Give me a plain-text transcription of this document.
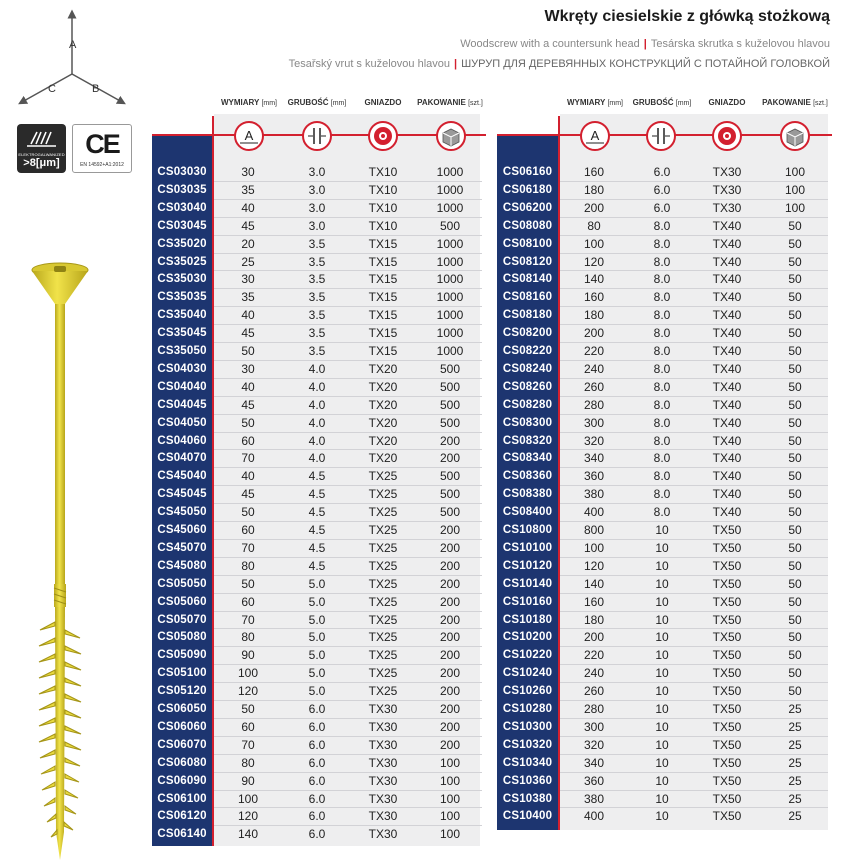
Wkręty ciesielskie z główką stożkową
Woodscrew with a countersunk head | Tesárska skrutka s kuželovou hlavou
Tesařský vrut s kuželovou hlavou | ШУРУП ДЛЯ ДЕРЕВЯННЫХ КОНСТРУКЦИЙ С ПОТАЙНОЙ ГОЛОВКОЙ
A
C	B
ELEKTROGALWANIZED
>8[μm]
CE
EN 14592+A1:2012
WYMIARY [mm]	GRUBOŚĆ [mm]	GNIAZDO	PAKOWANIE [szt.]	WYMIARY [mm]	GRUBOŚĆ [mm]	GNIAZDO	PAKOWANIE [szt.]
A	A
CS03030	30	3.0	TX10	1000
CS03035	35	3.0	TX10	1000
CS03040	40	3.0	TX10	1000
CS03045	45	3.0	TX10	500
CS35020	20	3.5	TX15	1000
CS35025	25	3.5	TX15	1000
CS35030	30	3.5	TX15	1000
CS35035	35	3.5	TX15	1000
CS35040	40	3.5	TX15	1000
CS35045	45	3.5	TX15	1000
CS35050	50	3.5	TX15	1000
CS04030	30	4.0	TX20	500
CS04040	40	4.0	TX20	500
CS04045	45	4.0	TX20	500
CS04050	50	4.0	TX20	500
CS04060	60	4.0	TX20	200
CS04070	70	4.0	TX20	200
CS45040	40	4.5	TX25	500
CS45045	45	4.5	TX25	500
CS45050	50	4.5	TX25	500
CS45060	60	4.5	TX25	200
CS45070	70	4.5	TX25	200
CS45080	80	4.5	TX25	200
CS05050	50	5.0	TX25	200
CS05060	60	5.0	TX25	200
CS05070	70	5.0	TX25	200
CS05080	80	5.0	TX25	200
CS05090	90	5.0	TX25	200
CS05100	100	5.0	TX25	200
CS05120	120	5.0	TX25	200
CS06050	50	6.0	TX30	200
CS06060	60	6.0	TX30	200
CS06070	70	6.0	TX30	200
CS06080	80	6.0	TX30	100
CS06090	90	6.0	TX30	100
CS06100	100	6.0	TX30	100
CS06120	120	6.0	TX30	100
CS06140	140	6.0	TX30	100
CS06160	160	6.0	TX30	100
CS06180	180	6.0	TX30	100
CS06200	200	6.0	TX30	100
CS08080	80	8.0	TX40	50
CS08100	100	8.0	TX40	50
CS08120	120	8.0	TX40	50
CS08140	140	8.0	TX40	50
CS08160	160	8.0	TX40	50
CS08180	180	8.0	TX40	50
CS08200	200	8.0	TX40	50
CS08220	220	8.0	TX40	50
CS08240	240	8.0	TX40	50
CS08260	260	8.0	TX40	50
CS08280	280	8.0	TX40	50
CS08300	300	8.0	TX40	50
CS08320	320	8.0	TX40	50
CS08340	340	8.0	TX40	50
CS08360	360	8.0	TX40	50
CS08380	380	8.0	TX40	50
CS08400	400	8.0	TX40	50
CS10800	800	10	TX50	50
CS10100	100	10	TX50	50
CS10120	120	10	TX50	50
CS10140	140	10	TX50	50
CS10160	160	10	TX50	50
CS10180	180	10	TX50	50
CS10200	200	10	TX50	50
CS10220	220	10	TX50	50
CS10240	240	10	TX50	50
CS10260	260	10	TX50	50
CS10280	280	10	TX50	25
CS10300	300	10	TX50	25
CS10320	320	10	TX50	25
CS10340	340	10	TX50	25
CS10360	360	10	TX50	25
CS10380	380	10	TX50	25
CS10400	400	10	TX50	25
